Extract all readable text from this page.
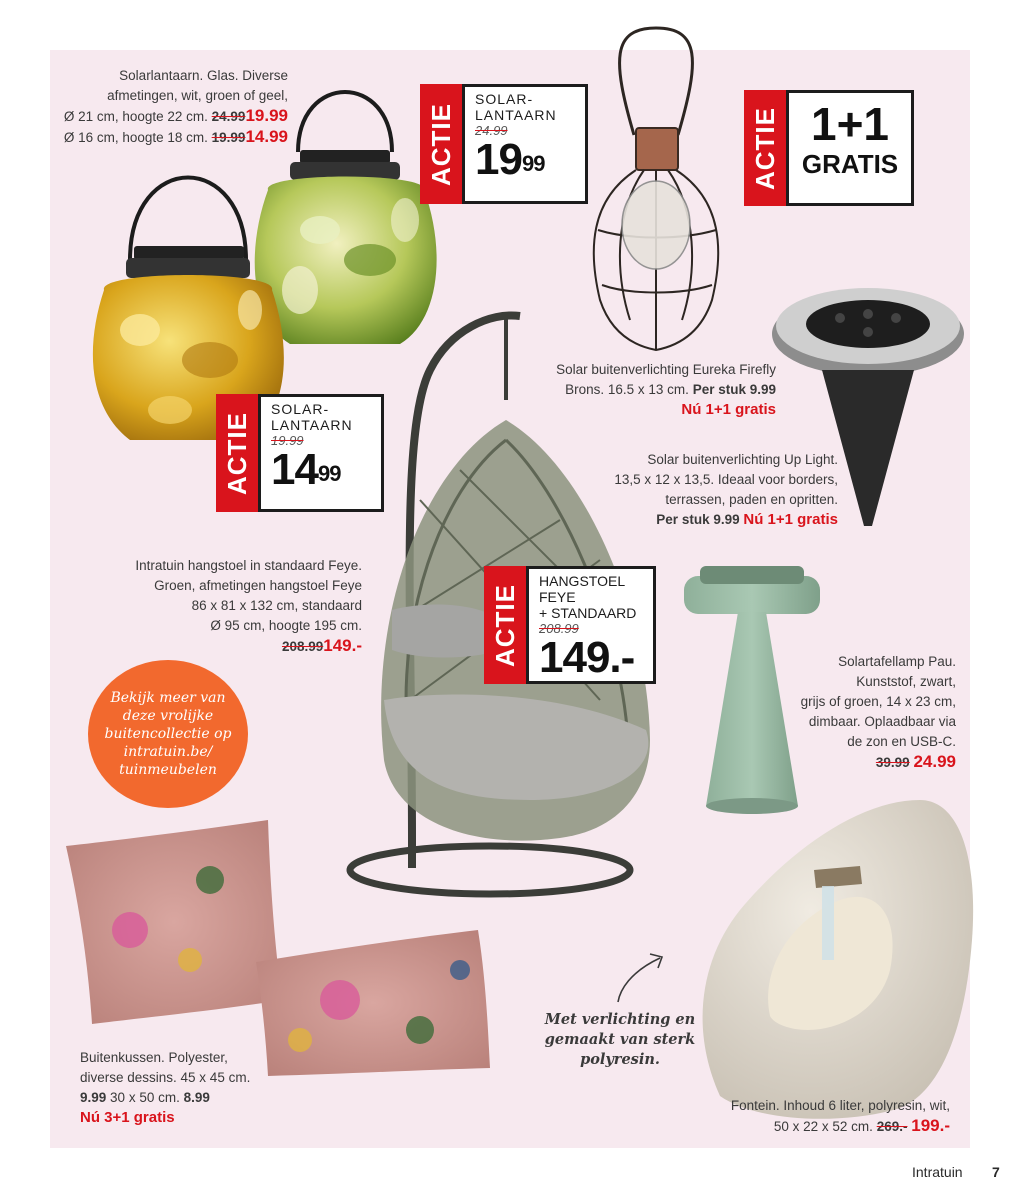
Solarlantaarn. Glas. Diverse
afmetingen, wit, groen of geel,
Ø 21 cm, hoogte 22 cm. 24.9919.99
Ø 16 cm, hoogte 18 cm. 19.9914.99	ACTIE
SOLAR-
LANTAARN
24.99
$19^{99}$
ACTIE
SOLAR-
LANTAARN
19.99
$14^{99}$
ACTIE 1+1
GRATIS
Solar buitenverlichting Eureka Firefly
Brons. 16.5 x 13 cm. Per stuk 9.99
Nú 1+1 gratis
Solar buitenverlichting Up Light.
13,5 x 12 x 13,5. Ideaal voor borders,
terrassen, paden en opritten.
Per stuk 9.99 Nú 1+1 gratis
Intratuin hangstoel in standaard Feye.
Groen, afmetingen hangstoel Feye
86 x 81 x 132 cm, standaard
Ø 95 cm, hoogte 195 cm.
208.99149.-	ACTIE
HANGSTOEL FEYE
+ STANDAARD
208.99
149.-
Bekijk meer van deze vrolijke buitencollectie op intratuin.be/ tuinmeubelen
Solartafellamp Pau.
Kunststof, zwart,
grijs of groen, 14 x 23 cm,
dimbaar. Oplaadbaar via
de zon en USB-C.
39.99 24.99
Buitenkussen. Polyester,
diverse dessins. 45 x 45 cm.
9.99 30 x 50 cm. 8.99
Nú 3+1 gratis
Met verlichting en gemaakt van sterk polyresin.
Fontein. Inhoud 6 liter, polyresin, wit,
50 x 22 x 52 cm. 269.- 199.-
Intratuin 7
